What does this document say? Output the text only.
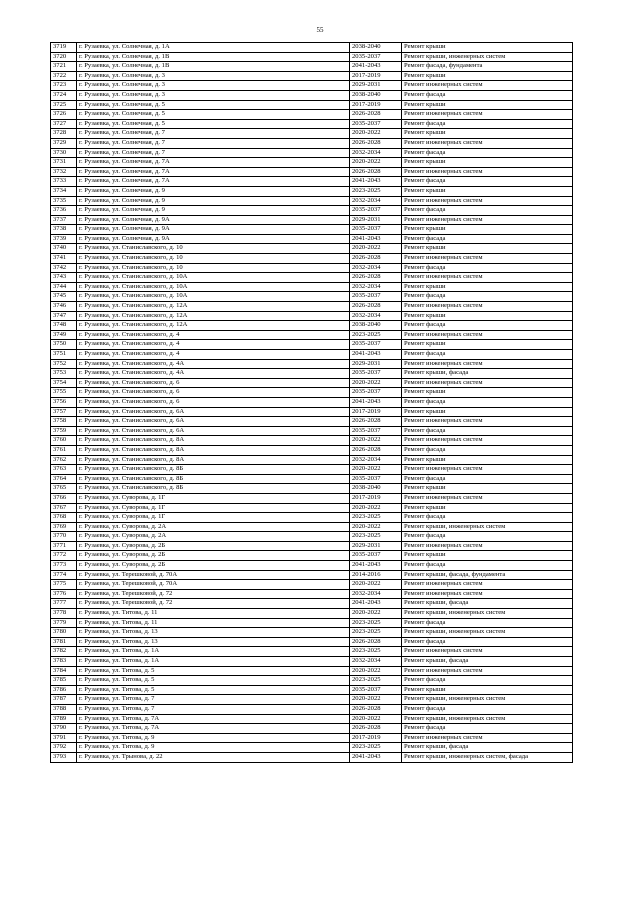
55
3719	г. Рузаевка, ул. Солнечная, д. 1А	2038-2040	Ремонт крыши
3720	г. Рузаевка, ул. Солнечная, д. 1В	2035-2037	Ремонт крыши, инженерных систем
3721	г. Рузаевка, ул. Солнечная, д. 1В	2041-2043	Ремонт фасада, фундамента
3722	г. Рузаевка, ул. Солнечная, д. 3	2017-2019	Ремонт крыши
3723	г. Рузаевка, ул. Солнечная, д. 3	2029-2031	Ремонт инженерных систем
3724	г. Рузаевка, ул. Солнечная, д. 3	2038-2040	Ремонт фасада
3725	г. Рузаевка, ул. Солнечная, д. 5	2017-2019	Ремонт крыши
3726	г. Рузаевка, ул. Солнечная, д. 5	2026-2028	Ремонт инженерных систем
3727	г. Рузаевка, ул. Солнечная, д. 5	2035-2037	Ремонт фасада
3728	г. Рузаевка, ул. Солнечная, д. 7	2020-2022	Ремонт крыши
3729	г. Рузаевка, ул. Солнечная, д. 7	2026-2028	Ремонт инженерных систем
3730	г. Рузаевка, ул. Солнечная, д. 7	2032-2034	Ремонт фасада
3731	г. Рузаевка, ул. Солнечная, д. 7А	2020-2022	Ремонт крыши
3732	г. Рузаевка, ул. Солнечная, д. 7А	2026-2028	Ремонт инженерных систем
3733	г. Рузаевка, ул. Солнечная, д. 7А	2041-2043	Ремонт фасада
3734	г. Рузаевка, ул. Солнечная, д. 9	2023-2025	Ремонт крыши
3735	г. Рузаевка, ул. Солнечная, д. 9	2032-2034	Ремонт инженерных систем
3736	г. Рузаевка, ул. Солнечная, д. 9	2035-2037	Ремонт фасада
3737	г. Рузаевка, ул. Солнечная, д. 9А	2029-2031	Ремонт инженерных систем
3738	г. Рузаевка, ул. Солнечная, д. 9А	2035-2037	Ремонт крыши
3739	г. Рузаевка, ул. Солнечная, д. 9А	2041-2043	Ремонт фасада
3740	г. Рузаевка, ул. Станиславского, д. 10	2020-2022	Ремонт крыши
3741	г. Рузаевка, ул. Станиславского, д. 10	2026-2028	Ремонт инженерных систем
3742	г. Рузаевка, ул. Станиславского, д. 10	2032-2034	Ремонт фасада
3743	г. Рузаевка, ул. Станиславского, д. 10А	2026-2028	Ремонт инженерных систем
3744	г. Рузаевка, ул. Станиславского, д. 10А	2032-2034	Ремонт крыши
3745	г. Рузаевка, ул. Станиславского, д. 10А	2035-2037	Ремонт фасада
3746	г. Рузаевка, ул. Станиславского, д. 12А	2026-2028	Ремонт инженерных систем
3747	г. Рузаевка, ул. Станиславского, д. 12А	2032-2034	Ремонт крыши
3748	г. Рузаевка, ул. Станиславского, д. 12А	2038-2040	Ремонт фасада
3749	г. Рузаевка, ул. Станиславского, д. 4	2023-2025	Ремонт инженерных систем
3750	г. Рузаевка, ул. Станиславского, д. 4	2035-2037	Ремонт крыши
3751	г. Рузаевка, ул. Станиславского, д. 4	2041-2043	Ремонт фасада
3752	г. Рузаевка, ул. Станиславского, д. 4А	2029-2031	Ремонт инженерных систем
3753	г. Рузаевка, ул. Станиславского, д. 4А	2035-2037	Ремонт крыши, фасада
3754	г. Рузаевка, ул. Станиславского, д. 6	2020-2022	Ремонт инженерных систем
3755	г. Рузаевка, ул. Станиславского, д. 6	2035-2037	Ремонт крыши
3756	г. Рузаевка, ул. Станиславского, д. 6	2041-2043	Ремонт фасада
3757	г. Рузаевка, ул. Станиславского, д. 6А	2017-2019	Ремонт крыши
3758	г. Рузаевка, ул. Станиславского, д. 6А	2026-2028	Ремонт инженерных систем
3759	г. Рузаевка, ул. Станиславского, д. 6А	2035-2037	Ремонт фасада
3760	г. Рузаевка, ул. Станиславского, д. 8А	2020-2022	Ремонт инженерных систем
3761	г. Рузаевка, ул. Станиславского, д. 8А	2026-2028	Ремонт фасада
3762	г. Рузаевка, ул. Станиславского, д. 8А	2032-2034	Ремонт крыши
3763	г. Рузаевка, ул. Станиславского, д. 8Б	2020-2022	Ремонт инженерных систем
3764	г. Рузаевка, ул. Станиславского, д. 8Б	2035-2037	Ремонт фасада
3765	г. Рузаевка, ул. Станиславского, д. 8Б	2038-2040	Ремонт крыши
3766	г. Рузаевка, ул. Суворова, д. 1Г	2017-2019	Ремонт инженерных систем
3767	г. Рузаевка, ул. Суворова, д. 1Г	2020-2022	Ремонт крыши
3768	г. Рузаевка, ул. Суворова, д. 1Г	2023-2025	Ремонт фасада
3769	г. Рузаевка, ул. Суворова, д. 2А	2020-2022	Ремонт крыши, инженерных систем
3770	г. Рузаевка, ул. Суворова, д. 2А	2023-2025	Ремонт фасада
3771	г. Рузаевка, ул. Суворова, д. 2Б	2029-2031	Ремонт инженерных систем
3772	г. Рузаевка, ул. Суворова, д. 2Б	2035-2037	Ремонт крыши
3773	г. Рузаевка, ул. Суворова, д. 2Б	2041-2043	Ремонт фасада
3774	г. Рузаевка, ул. Терешковой, д. 70А	2014-2016	Ремонт крыши, фасада, фундамента
3775	г. Рузаевка, ул. Терешковой, д. 70А	2020-2022	Ремонт инженерных систем
3776	г. Рузаевка, ул. Терешковой, д. 72	2032-2034	Ремонт инженерных систем
3777	г. Рузаевка, ул. Терешковой, д. 72	2041-2043	Ремонт крыши, фасада
3778	г. Рузаевка, ул. Титова, д. 11	2020-2022	Ремонт крыши, инженерных систем
3779	г. Рузаевка, ул. Титова, д. 11	2023-2025	Ремонт фасада
3780	г. Рузаевка, ул. Титова, д. 13	2023-2025	Ремонт крыши, инженерных систем
3781	г. Рузаевка, ул. Титова, д. 13	2026-2028	Ремонт фасада
3782	г. Рузаевка, ул. Титова, д. 1А	2023-2025	Ремонт инженерных систем
3783	г. Рузаевка, ул. Титова, д. 1А	2032-2034	Ремонт крыши, фасада
3784	г. Рузаевка, ул. Титова, д. 5	2020-2022	Ремонт инженерных систем
3785	г. Рузаевка, ул. Титова, д. 5	2023-2025	Ремонт фасада
3786	г. Рузаевка, ул. Титова, д. 5	2035-2037	Ремонт крыши
3787	г. Рузаевка, ул. Титова, д. 7	2020-2022	Ремонт крыши, инженерных систем
3788	г. Рузаевка, ул. Титова, д. 7	2026-2028	Ремонт фасада
3789	г. Рузаевка, ул. Титова, д. 7А	2020-2022	Ремонт крыши, инженерных систем
3790	г. Рузаевка, ул. Титова, д. 7А	2026-2028	Ремонт фасада
3791	г. Рузаевка, ул. Титова, д. 9	2017-2019	Ремонт инженерных систем
3792	г. Рузаевка, ул. Титова, д. 9	2023-2025	Ремонт крыши, фасада
3793	г. Рузаевка, ул. Трынова, д. 22	2041-2043	Ремонт крыши, инженерных систем, фасада
